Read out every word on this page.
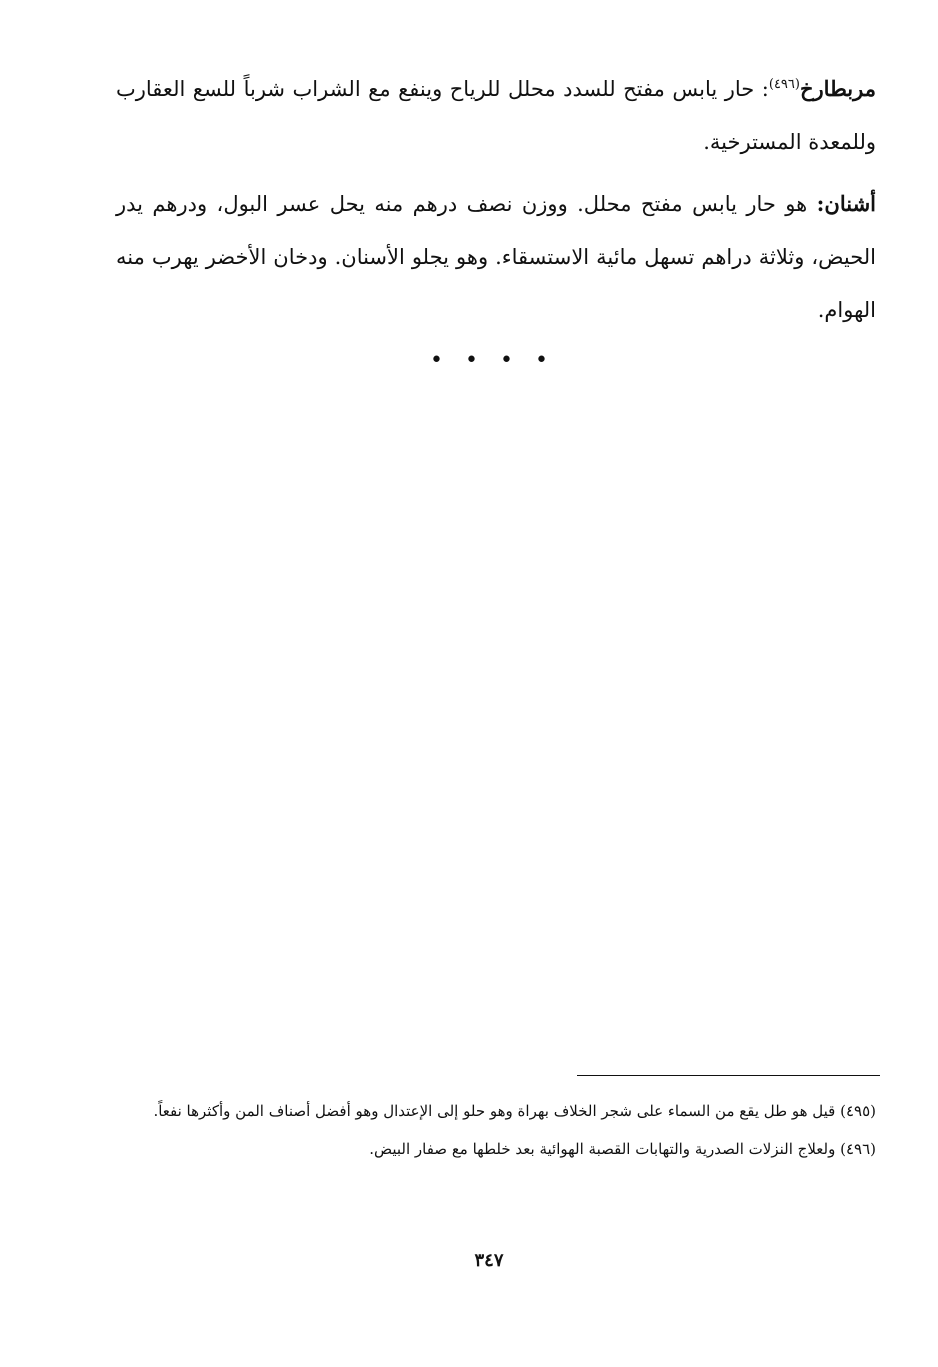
مربطارخ$^{(٤٩٦)}$: حار يابس مفتح للسدد محلل للرياح وينفع مع الشراب شرباً للسع العقارب وللمعدة المسترخية.

أشنان: هو حار يابس مفتح محلل. ووزن نصف درهم منه يحل عسر البول، ودرهم يدر الحيض، وثلاثة دراهم تسهل مائية الاستسقاء. وهو يجلو الأسنان. ودخان الأخضر يهرب منه الهوام.

••••

(٤٩٥) قيل هو طل يقع من السماء على شجر الخلاف بهراة وهو حلو إلى الإعتدال وهو أفضل أصناف المن وأكثرها نفعاً.

(٤٩٦) ولعلاج النزلات الصدرية والتهابات القصبة الهوائية بعد خلطها مع صفار البيض.

٣٤٧
